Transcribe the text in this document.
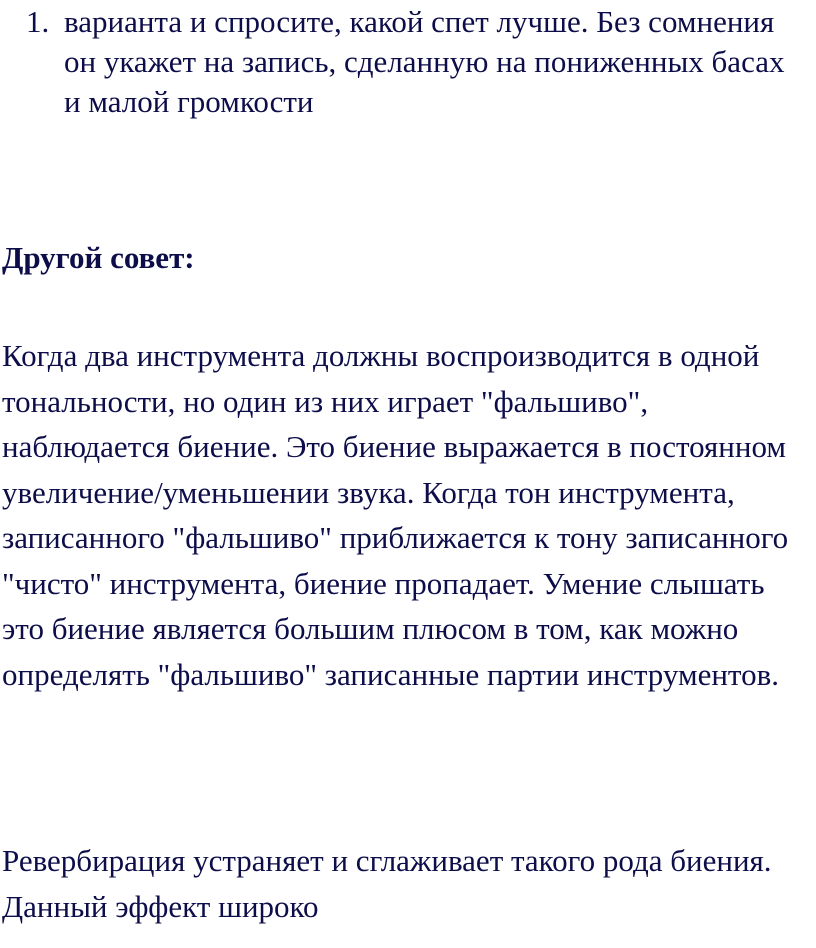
1. варианта и спросите, какой спет лучше. Без сомнения он укажет на запись, сделанную на пониженных басах и малой громкости
Другой совет:

Когда два инструмента должны воспроизводится в одной тональности, но один из них играет "фальшиво", наблюдается биение. Это биение выражается в постоянном увеличение/уменьшении звука. Когда тон инструмента, записанного "фальшиво" приближается к тону записанного "чисто" инструмента, биение пропадает. Умение слышать это биение является большим плюсом в том, как можно определять "фальшиво" записанные партии инструментов.

Ревербирация устраняет и сглаживает такого рода биения. Данный эффект широко
